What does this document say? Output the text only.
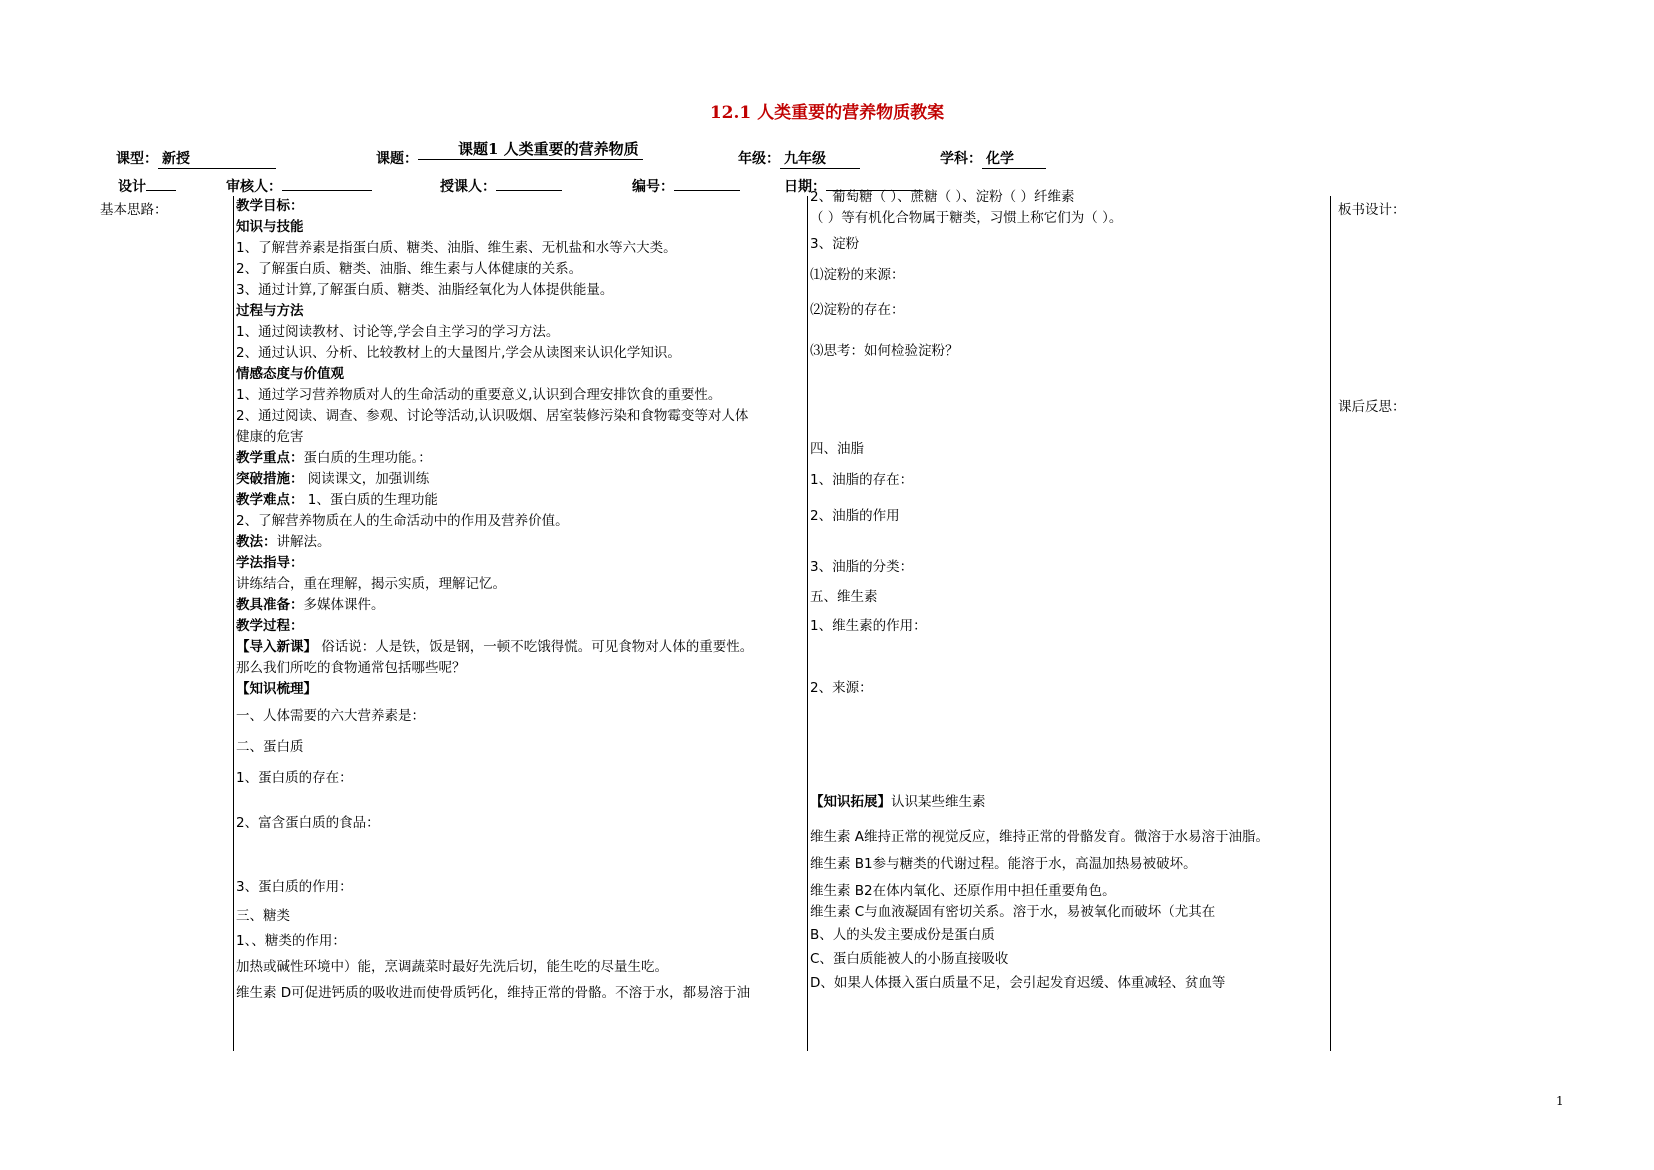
12.1 人类重要的营养物质教案
课型： 新授	课题：
课题1 人类重要的营养物质
年级： 九年级	学科： 化学
设计	审核人：	授课人：	编号：	日期：
基本思路：	教学目标：
知识与技能
1、了解营养素是指蛋白质、糖类、油脂、维生素、无机盐和水等六大类。
2、了解蛋白质、糖类、油脂、维生素与人体健康的关系。
3、通过计算,了解蛋白质、糖类、油脂经氧化为人体提供能量。
过程与方法
1、通过阅读教材、讨论等,学会自主学习的学习方法。
2、通过认识、分析、比较教材上的大量图片,学会从读图来认识化学知识。
情感态度与价值观
1、通过学习营养物质对人的生命活动的重要意义,认识到合理安排饮食的重要性。
2、通过阅读、调查、参观、讨论等活动,认识吸烟、居室装修污染和食物霉变等对人体
健康的危害
教学重点：蛋白质的生理功能。：
突破措施： 阅读课文，加强训练
教学难点： 1、蛋白质的生理功能
2、了解营养物质在人的生命活动中的作用及营养价值。
教法：讲解法。
学法指导：
讲练结合，重在理解，揭示实质，理解记忆。
教具准备：多媒体课件。
教学过程：
【导入新课】 俗话说：人是铁，饭是钢，一顿不吃饿得慌。可见食物对人体的重要性。
那么我们所吃的食物通常包括哪些呢？
【知识梳理】
一、人体需要的六大营养素是：
二、蛋白质
1、蛋白质的存在：
2、富含蛋白质的食品：
3、蛋白质的作用：
三、糖类
1、、糖类的作用：
加热或碱性环境中）能，烹调蔬菜时最好先洗后切，能生吃的尽量生吃。
维生素 D可促进钙质的吸收进而使骨质钙化，维持正常的骨骼。不溶于水，都易溶于油
2、葡萄糖（ ）、蔗糖（ ）、淀粉（ ）纤维素
（ ）等有机化合物属于糖类，习惯上称它们为（ ）。
3、淀粉
⑴淀粉的来源：
⑵淀粉的存在：
⑶思考：如何检验淀粉？
四、油脂
1、油脂的存在：
2、油脂的作用
3、油脂的分类：
五、维生素
1、维生素的作用：
2、来源：
【知识拓展】认识某些维生素
维生素 A维持正常的视觉反应，维持正常的骨骼发育。微溶于水易溶于油脂。
维生素 B1参与糖类的代谢过程。能溶于水，高温加热易被破坏。
维生素 B2在体内氧化、还原作用中担任重要角色。
维生素 C与血液凝固有密切关系。溶于水，易被氧化而破坏（尤其在
B、人的头发主要成份是蛋白质
C、蛋白质能被人的小肠直接吸收
D、如果人体摄入蛋白质量不足，会引起发育迟缓、体重减轻、贫血等
板书设计：
课后反思：
1
